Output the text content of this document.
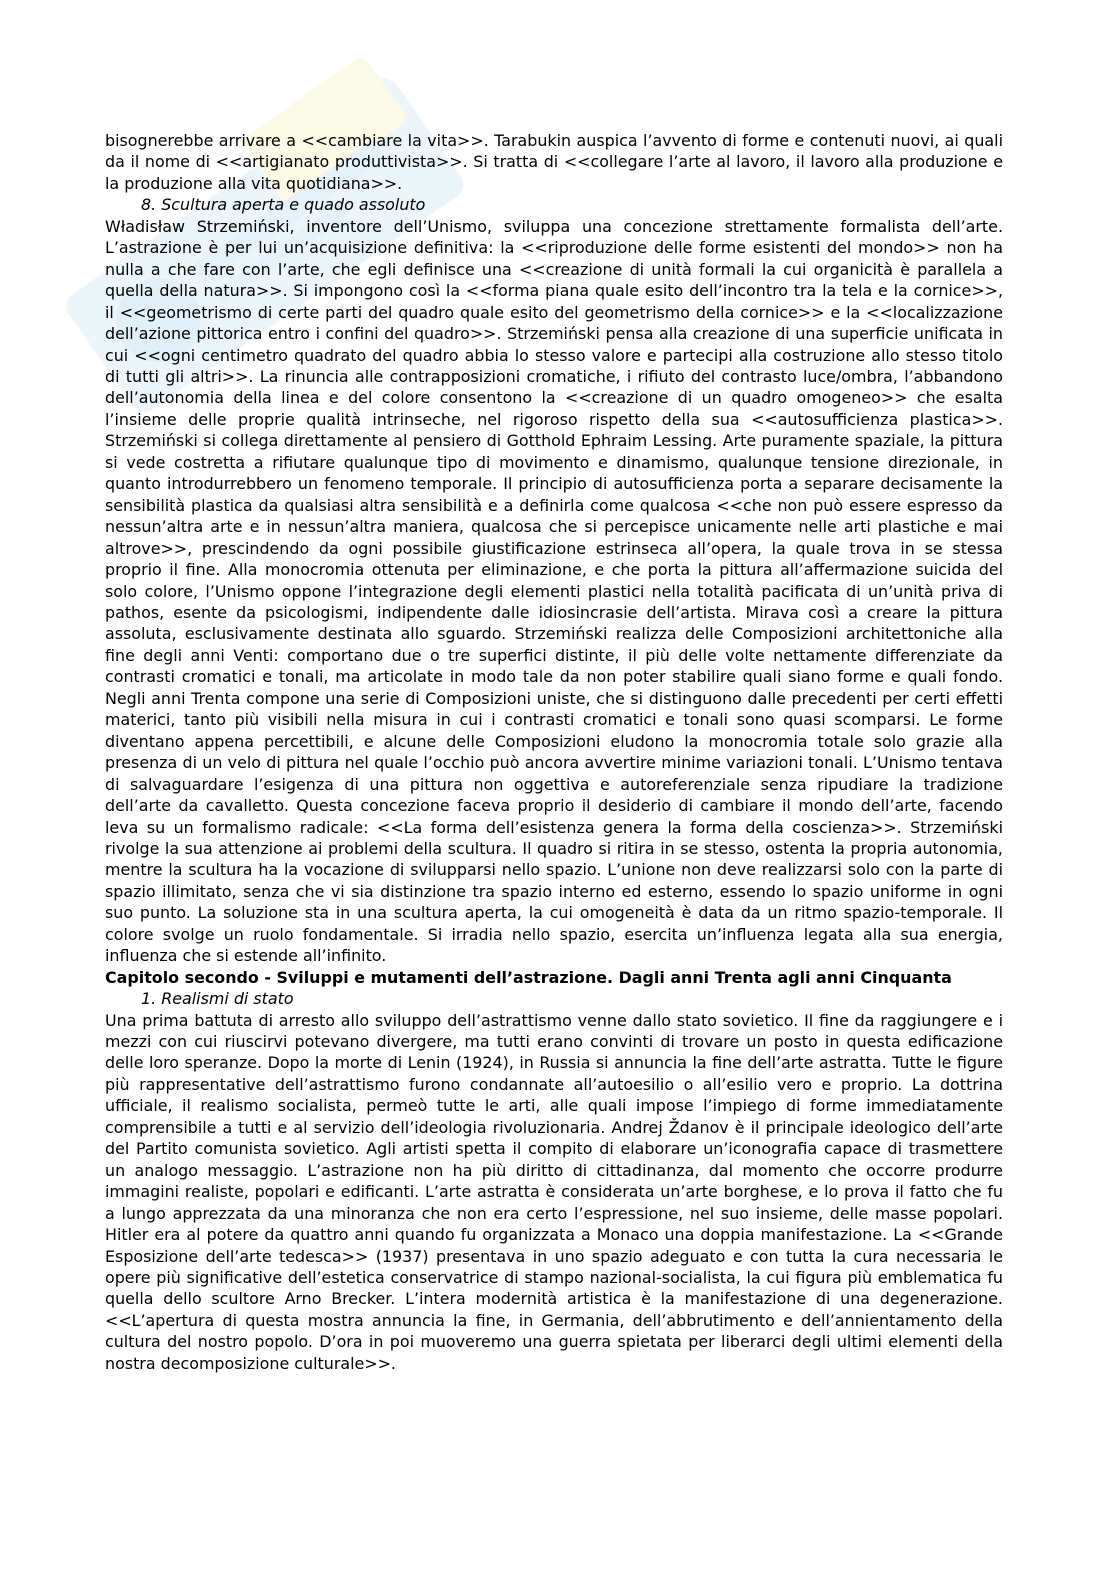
bisognerebbe arrivare a <<cambiare la vita>>. Tarabukin auspica l’avvento di forme e contenuti nuovi, ai quali da il nome di <<artigianato produttivista>>. Si tratta di <<collegare l’arte al lavoro, il lavoro alla produzione e la produzione alla vita quotidiana>>.

8. Scultura aperta e quado assoluto

Władisław Strzemiński, inventore dell’Unismo, sviluppa una concezione strettamente formalista dell’arte. L’astrazione è per lui un’acquisizione definitiva: la <<riproduzione delle forme esistenti del mondo>> non ha nulla a che fare con l’arte, che egli definisce una <<creazione di unità formali la cui organicità è parallela a quella della natura>>. Si impongono così la <<forma piana quale esito dell’incontro tra la tela e la cornice>>, il <<geometrismo di certe parti del quadro quale esito del geometrismo della cornice>> e la <<localizzazione dell’azione pittorica entro i confini del quadro>>. Strzemiński pensa alla creazione di una superficie unificata in cui <<ogni centimetro quadrato del quadro abbia lo stesso valore e partecipi alla costruzione allo stesso titolo di tutti gli altri>>. La rinuncia alle contrapposizioni cromatiche, i rifiuto del contrasto luce/ombra, l’abbandono dell’autonomia della linea e del colore consentono la <<creazione di un quadro omogeneo>> che esalta l’insieme delle proprie qualità intrinseche, nel rigoroso rispetto della sua <<autosufficienza plastica>>. Strzemiński si collega direttamente al pensiero di Gotthold Ephraim Lessing. Arte puramente spaziale, la pittura si vede costretta a rifiutare qualunque tipo di movimento e dinamismo, qualunque tensione direzionale, in quanto introdurrebbero un fenomeno temporale. Il principio di autosufficienza porta a separare decisamente la sensibilità plastica da qualsiasi altra sensibilità e a definirla come qualcosa <<che non può essere espresso da nessun’altra arte e in nessun’altra maniera, qualcosa che si percepisce unicamente nelle arti plastiche e mai altrove>>, prescindendo da ogni possibile giustificazione estrinseca all’opera, la quale trova in se stessa proprio il fine. Alla monocromia ottenuta per eliminazione, e che porta la pittura all’affermazione suicida del solo colore, l’Unismo oppone l’integrazione degli elementi plastici nella totalità pacificata di un’unità priva di pathos, esente da psicologismi, indipendente dalle idiosincrasie dell’artista. Mirava così a creare la pittura assoluta, esclusivamente destinata allo sguardo. Strzemiński realizza delle Composizioni architettoniche alla fine degli anni Venti: comportano due o tre superfici distinte, il più delle volte nettamente differenziate da contrasti cromatici e tonali, ma articolate in modo tale da non poter stabilire quali siano forme e quali fondo. Negli anni Trenta compone una serie di Composizioni uniste, che si distinguono dalle precedenti per certi effetti materici, tanto più visibili nella misura in cui i contrasti cromatici e tonali sono quasi scomparsi. Le forme diventano appena percettibili, e alcune delle Composizioni eludono la monocromia totale solo grazie alla presenza di un velo di pittura nel quale l’occhio può ancora avvertire minime variazioni tonali. L’Unismo tentava di salvaguardare l’esigenza di una pittura non oggettiva e autoreferenziale senza ripudiare la tradizione dell’arte da cavalletto. Questa concezione faceva proprio il desiderio di cambiare il mondo dell’arte, facendo leva su un formalismo radicale: <<La forma dell’esistenza genera la forma della coscienza>>. Strzemiński rivolge la sua attenzione ai problemi della scultura. Il quadro si ritira in se stesso, ostenta la propria autonomia, mentre la scultura ha la vocazione di svilupparsi nello spazio. L’unione non deve realizzarsi solo con la parte di spazio illimitato, senza che vi sia distinzione tra spazio interno ed esterno, essendo lo spazio uniforme in ogni suo punto. La soluzione sta in una scultura aperta, la cui omogeneità è data da un ritmo spazio-temporale. Il colore svolge un ruolo fondamentale. Si irradia nello spazio, esercita un’influenza legata alla sua energia, influenza che si estende all’infinito.

Capitolo secondo - Sviluppi e mutamenti dell’astrazione. Dagli anni Trenta agli anni Cinquanta

1. Realismi di stato

Una prima battuta di arresto allo sviluppo dell’astrattismo venne dallo stato sovietico. Il fine da raggiungere e i mezzi con cui riuscirvi potevano divergere, ma tutti erano convinti di trovare un posto in questa edificazione delle loro speranze. Dopo la morte di Lenin (1924), in Russia si annuncia la fine dell’arte astratta. Tutte le figure più rappresentative dell’astrattismo furono condannate all’autoesilio o all’esilio vero e proprio. La dottrina ufficiale, il realismo socialista, permeò tutte le arti, alle quali impose l’impiego di forme immediatamente comprensibile a tutti e al servizio dell’ideologia rivoluzionaria. Andrej Ždanov è il principale ideologico dell’arte del Partito comunista sovietico. Agli artisti spetta il compito di elaborare un’iconografia capace di trasmettere un analogo messaggio. L’astrazione non ha più diritto di cittadinanza, dal momento che occorre produrre immagini realiste, popolari e edificanti. L’arte astratta è considerata un’arte borghese, e lo prova il fatto che fu a lungo apprezzata da una minoranza che non era certo l’espressione, nel suo insieme, delle masse popolari. Hitler era al potere da quattro anni quando fu organizzata a Monaco una doppia manifestazione. La <<Grande Esposizione dell’arte tedesca>> (1937) presentava in uno spazio adeguato e con tutta la cura necessaria le opere più significative dell’estetica conservatrice di stampo nazional-socialista, la cui figura più emblematica fu quella dello scultore Arno Brecker. L’intera modernità artistica è la manifestazione di una degenerazione. <<L’apertura di questa mostra annuncia la fine, in Germania, dell’abbrutimento e dell’annientamento della cultura del nostro popolo. D’ora in poi muoveremo una guerra spietata per liberarci degli ultimi elementi della nostra decomposizione culturale>>.
